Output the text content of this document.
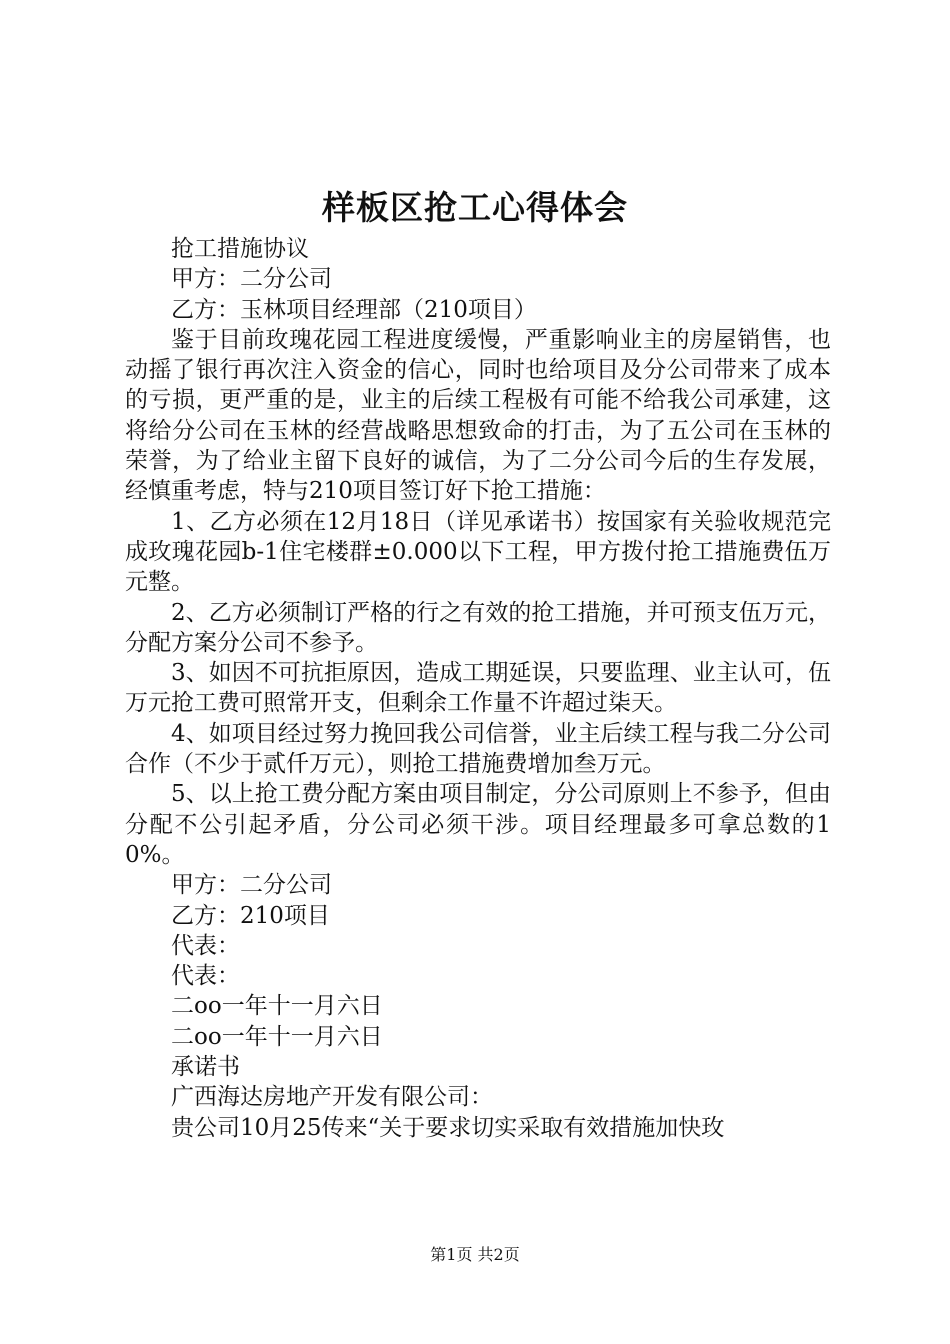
样板区抢工心得体会

抢工措施协议

甲方：二分公司

乙方：玉林项目经理部（210项目）

鉴于目前玫瑰花园工程进度缓慢，严重影响业主的房屋销售，也动摇了银行再次注入资金的信心，同时也给项目及分公司带来了成本的亏损，更严重的是，业主的后续工程极有可能不给我公司承建，这将给分公司在玉林的经营战略思想致命的打击，为了五公司在玉林的荣誉，为了给业主留下良好的诚信，为了二分公司今后的生存发展，经慎重考虑，特与210项目签订好下抢工措施：

1、乙方必须在12月18日（详见承诺书）按国家有关验收规范完成玫瑰花园b-1住宅楼群±0.000以下工程，甲方拨付抢工措施费伍万元整。

2、乙方必须制订严格的行之有效的抢工措施，并可预支伍万元，分配方案分公司不参予。

3、如因不可抗拒原因，造成工期延误，只要监理、业主认可，伍万元抢工费可照常开支，但剩余工作量不许超过柒天。

4、如项目经过努力挽回我公司信誉，业主后续工程与我二分公司合作（不少于贰仟万元），则抢工措施费增加叁万元。

5、以上抢工费分配方案由项目制定，分公司原则上不参予，但由分配不公引起矛盾，分公司必须干涉。项目经理最多可拿总数的10%。

甲方：二分公司

乙方：210项目

代表：

代表：

二oo一年十一月六日

二oo一年十一月六日

承诺书

广西海达房地产开发有限公司：

贵公司10月25传来“关于要求切实采取有效措施加快玫

第1页 共2页
